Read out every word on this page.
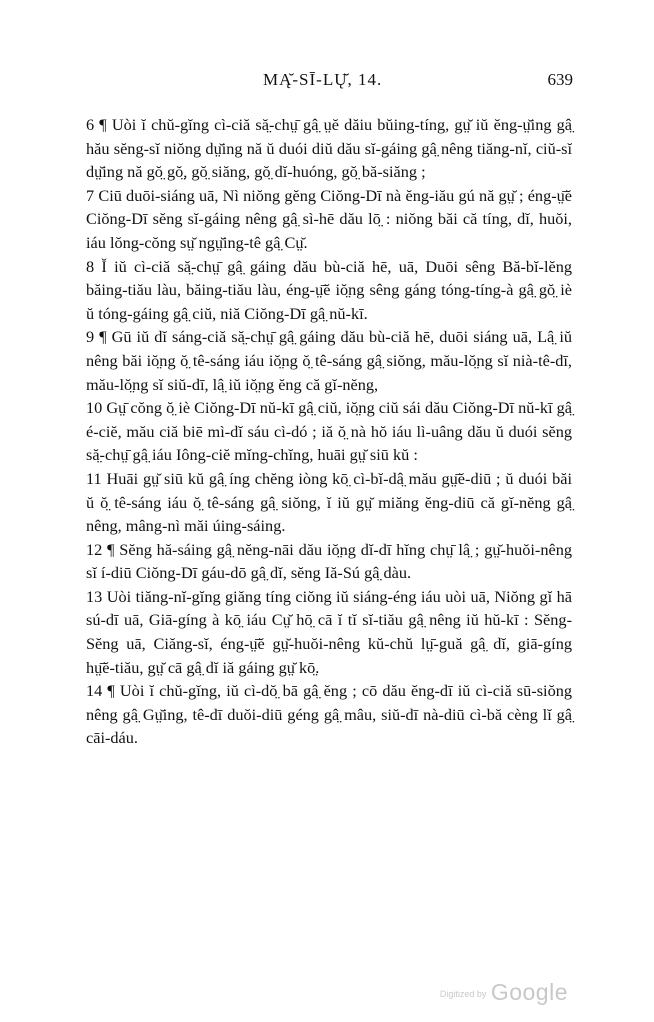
MĄ̆-SĪ-LŲ̆, 14.	639

6 ¶ Uòi ĭ chŭ-gĭng cì-ciă să̤-chṳ̄ gâ̤ ṳĕ dăiu bŭing-tíng, gṳ̆ iŭ ĕng-ṳ̆ing gâ̤ hău sĕng-sĭ niŏng dṳ̆ing nă ŭ duói diŭ dău sĭ-gáing gâ̤ nêng tiăng-nĭ, ciŭ-sĭ dṳ̆ing nă gŏ̤ gŏ̤, gŏ̤ siăng, gŏ̤ dĭ-huóng, gŏ̤ bă-siăng ;

7 Ciū duōi-siáng uā, Nì niŏng gĕng Ciŏng-Dī nà ĕng-iău gú nă gṳ̆ ; éng-ṳ̄ĕ Ciŏng-Dī sĕng sĭ-gáing nêng gâ̤ sì-hē dău lō̤ : niŏng băi că tíng, dĭ, huŏi, iáu lŏng-cŏng sṳ̆ ngṳ̆ing-tê gâ̤ Cṳ̆.

8 Ĭ iŭ cì-ciă să̤-chṳ̄ gâ̤ gáing dău bù-ciă hē, uā, Duōi sêng Bă-bĭ-lĕng băing-tiău làu, băing-tiău làu, éng-ṳ̄ĕ iŏ̤ng sêng gáng tóng-tíng-à gâ̤ gŏ̤ iè ŭ tóng-gáing gâ̤ ciŭ, niă Ciŏng-Dī gâ̤ nŭ-kī.

9 ¶ Gū iŭ dĭ sáng-ciă să̤-chṳ̄ gâ̤ gáing dău bù-ciă hē, duōi siáng uā, Lâ̤ iŭ nêng băi iŏ̤ng ŏ̤ tê-sáng iáu iŏ̤ng ŏ̤ tê-sáng gâ̤ siŏng, mău-lŏ̤ng sĭ nià-tê-dī, mău-lŏ̤ng sĭ siŭ-dī, lâ̤ iŭ iŏ̤ng ĕng că gĭ-nĕng,

10 Gṳ̄ cŏng ŏ̤ iè Ciŏng-Dī nŭ-kī gâ̤ ciŭ, iŏ̤ng ciŭ sái dău Ciŏng-Dī nŭ-kī gâ̤ é-ciĕ, mău ciă biē mì-dĭ sáu cì-dó ; iă ŏ̤ nà hŏ iáu lì-uâng dău ŭ duói sĕng să̤-chṳ̄ gâ̤ iáu Iông-ciĕ mĭng-chĭng, huāi gṳ̆ siū kŭ :

11 Huāi gṳ̆ siū kŭ gâ̤ íng chĕng iòng kō̤ cì-bĭ-dâ̤ mău gṳ̄ĕ-diū ; ŭ duói băi ŭ ŏ̤ tê-sáng iáu ŏ̤ tê-sáng gâ̤ siŏng, ĭ iŭ gṳ̆ miăng ĕng-diū că gĭ-nĕng gâ̤ nêng, mâng-nì măi úing-sáing.

12 ¶ Sĕng hă-sáing gâ̤ nĕng-nāi dău iŏ̤ng dĭ-dī hĭng chṳ̄ lâ̤ ; gṳ̆-huŏi-nêng sĭ í-diū Ciŏng-Dī gáu-dō gâ̤ dĭ, sĕng Iă-Sú gâ̤ dàu.

13 Uòi tiăng-nĭ-gĭng giăng tíng ciŏng iŭ siáng-éng iáu uòi uā, Niŏng gĭ hā sú-dī uā, Giā-gíng à kō̤ iáu Cṳ̆ hō̤ cā ĭ tĭ sĭ-tiău gâ̤ nêng iŭ hŭ-kī : Sĕng-Sĕng uā, Ciăng-sĭ, éng-ṳ̄ĕ gṳ̆-huŏi-nêng kŭ-chŭ lṳ̄-guă gâ̤ dĭ, giā-gíng hṳ̄ĕ-tiău, gṳ̆ cā gâ̤ dĭ iă gáing gṳ̆ kō̤.

14 ¶ Uòi ĭ chŭ-gĭng, iŭ cì-dŏ̤ bā gâ̤ ĕng ; cō dău ĕng-dī iŭ cì-ciă sū-siŏng nêng gâ̤ Gṳ̆ing, tê-dī duŏi-diū géng gâ̤ mâu, siŭ-dī nà-diū cì-bă cèng lĭ gâ̤ cāi-dáu.

Digitized by Google
